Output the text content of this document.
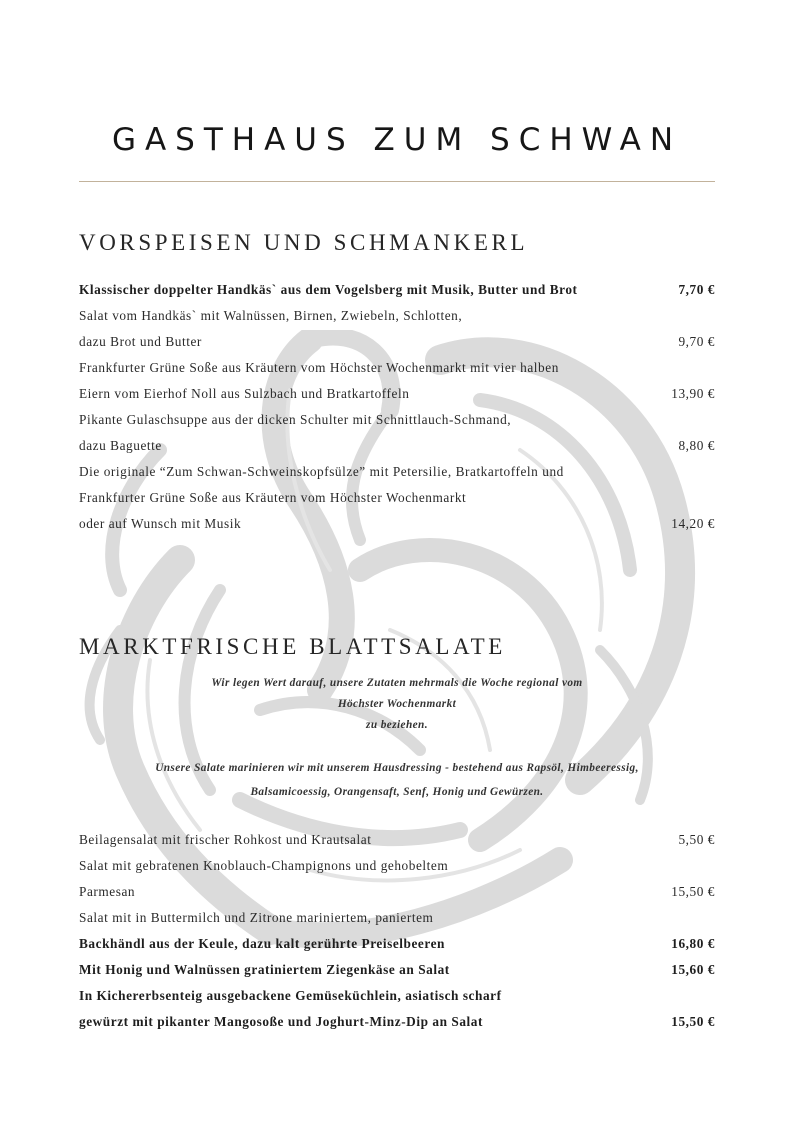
GASTHAUS ZUM SCHWAN
VORSPEISEN UND SCHMANKERL
Klassischer doppelter Handkäs` aus dem Vogelsberg mit Musik, Butter und Brot	7,70 €
Salat vom Handkäs` mit Walnüssen, Birnen, Zwiebeln, Schlotten,
dazu Brot und Butter	9,70 €
Frankfurter Grüne Soße aus Kräutern vom Höchster Wochenmarkt mit vier halben
Eiern vom Eierhof Noll aus Sulzbach und Bratkartoffeln	13,90 €
Pikante Gulaschsuppe aus der dicken Schulter mit Schnittlauch-Schmand,
dazu Baguette	8,80 €
Die originale “Zum Schwan-Schweinskopfsülze” mit Petersilie, Bratkartoffeln und
Frankfurter Grüne Soße aus Kräutern vom Höchster Wochenmarkt
oder auf Wunsch mit Musik	14,20 €
MARKTFRISCHE BLATTSALATE
Wir legen Wert darauf, unsere Zutaten mehrmals die Woche regional vom
Höchster Wochenmarkt
zu beziehen.
Unsere Salate marinieren wir mit unserem Hausdressing - bestehend aus Rapsöl, Himbeeressig,
Balsamicoessig, Orangensaft, Senf, Honig und Gewürzen.
Beilagensalat mit frischer Rohkost und Krautsalat	5,50 €
Salat mit gebratenen Knoblauch-Champignons und gehobeltem
Parmesan	15,50 €
Salat mit in Buttermilch und Zitrone mariniertem, paniertem
Backhändl aus der Keule, dazu kalt gerührte Preiselbeeren	16,80 €
Mit Honig und Walnüssen gratiniertem Ziegenkäse an Salat	15,60 €
In Kichererbsenteig ausgebackene Gemüseküchlein, asiatisch scharf
gewürzt mit pikanter Mangosoße und Joghurt-Minz-Dip an Salat	15,50 €
